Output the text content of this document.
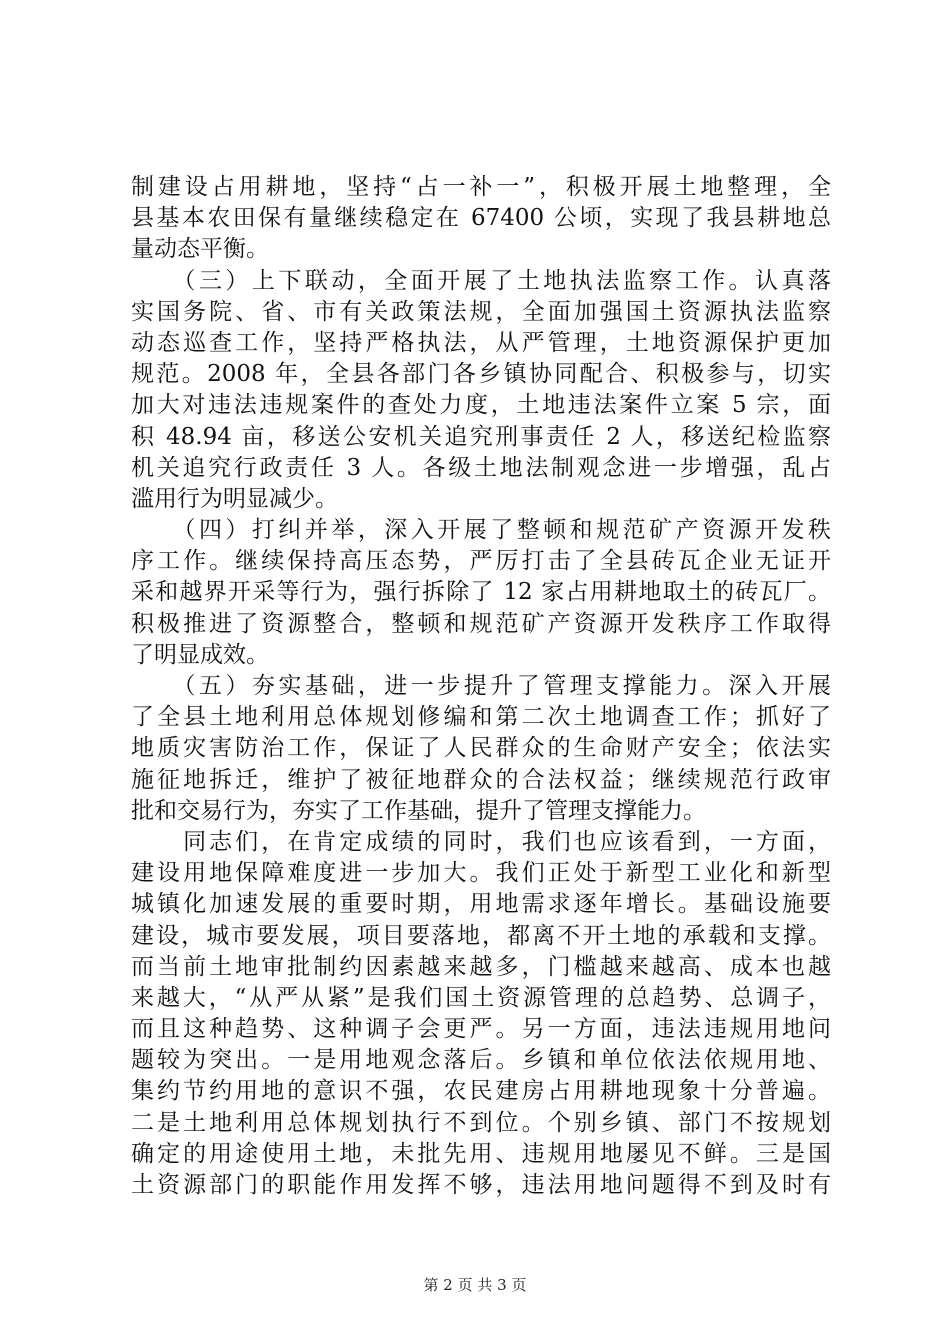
制建设占用耕地，坚持“占一补一”，积极开展土地整理，全
县基本农田保有量继续稳定在 67400 公顷，实现了我县耕地总
量动态平衡。
　　（三）上下联动，全面开展了土地执法监察工作。认真落
实国务院、省、市有关政策法规，全面加强国土资源执法监察
动态巡查工作，坚持严格执法，从严管理，土地资源保护更加
规范。2008 年，全县各部门各乡镇协同配合、积极参与，切实
加大对违法违规案件的查处力度，土地违法案件立案 5 宗，面
积 48.94 亩，移送公安机关追究刑事责任 2 人，移送纪检监察
机关追究行政责任 3 人。各级土地法制观念进一步增强，乱占
滥用行为明显减少。
　　（四）打纠并举，深入开展了整顿和规范矿产资源开发秩
序工作。继续保持高压态势，严厉打击了全县砖瓦企业无证开
采和越界开采等行为，强行拆除了 12 家占用耕地取土的砖瓦厂。
积极推进了资源整合，整顿和规范矿产资源开发秩序工作取得
了明显成效。
　　（五）夯实基础，进一步提升了管理支撑能力。深入开展
了全县土地利用总体规划修编和第二次土地调查工作；抓好了
地质灾害防治工作，保证了人民群众的生命财产安全；依法实
施征地拆迁，维护了被征地群众的合法权益；继续规范行政审
批和交易行为，夯实了工作基础，提升了管理支撑能力。
　　同志们，在肯定成绩的同时，我们也应该看到，一方面，
建设用地保障难度进一步加大。我们正处于新型工业化和新型
城镇化加速发展的重要时期，用地需求逐年增长。基础设施要
建设，城市要发展，项目要落地，都离不开土地的承载和支撑。
而当前土地审批制约因素越来越多，门槛越来越高、成本也越
来越大，“从严从紧”是我们国土资源管理的总趋势、总调子，
而且这种趋势、这种调子会更严。另一方面，违法违规用地问
题较为突出。一是用地观念落后。乡镇和单位依法依规用地、
集约节约用地的意识不强，农民建房占用耕地现象十分普遍。
二是土地利用总体规划执行不到位。个别乡镇、部门不按规划
确定的用途使用土地，未批先用、违规用地屡见不鲜。三是国
土资源部门的职能作用发挥不够，违法用地问题得不到及时有
第 2 页 共 3 页
